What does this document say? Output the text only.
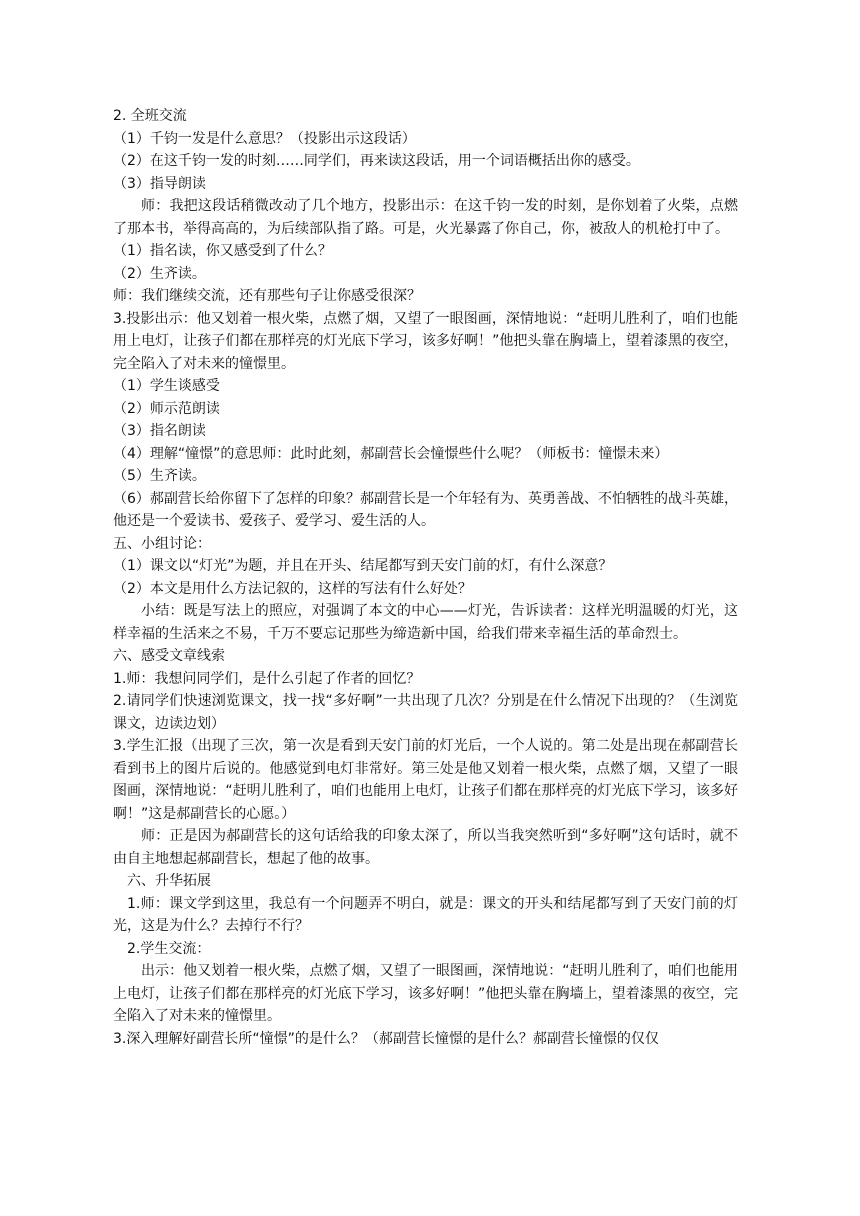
2. 全班交流

（1）千钧一发是什么意思？（投影出示这段话）

（2）在这千钧一发的时刻……同学们，再来读这段话，用一个词语概括出你的感受。

（3）指导朗读

师：我把这段话稍微改动了几个地方，投影出示：在这千钧一发的时刻，是你划着了火柴，点燃了那本书，举得高高的，为后续部队指了路。可是，火光暴露了你自己，你，被敌人的机枪打中了。

（1）指名读，你又感受到了什么？

（2）生齐读。

师：我们继续交流，还有那些句子让你感受很深？

3.投影出示：他又划着一根火柴，点燃了烟，又望了一眼图画，深情地说：“赶明儿胜利了，咱们也能用上电灯，让孩子们都在那样亮的灯光底下学习，该多好啊！”他把头靠在胸墙上，望着漆黑的夜空，完全陷入了对未来的憧憬里。

（1）学生谈感受

（2）师示范朗读

（3）指名朗读

（4）理解“憧憬”的意思师：此时此刻，郝副营长会憧憬些什么呢？（师板书：憧憬未来）

（5）生齐读。

（6）郝副营长给你留下了怎样的印象？郝副营长是一个年轻有为、英勇善战、不怕牺牲的战斗英雄，他还是一个爱读书、爱孩子、爱学习、爱生活的人。

五、小组讨论：

（1）课文以“灯光”为题，并且在开头、结尾都写到天安门前的灯，有什么深意？

（2）本文是用什么方法记叙的，这样的写法有什么好处？

小结：既是写法上的照应，对强调了本文的中心——灯光，告诉读者：这样光明温暖的灯光，这样幸福的生活来之不易，千万不要忘记那些为缔造新中国，给我们带来幸福生活的革命烈士。

六、感受文章线索

1.师：我想问同学们，是什么引起了作者的回忆？

2.请同学们快速浏览课文，找一找“多好啊”一共出现了几次？分别是在什么情况下出现的？（生浏览课文，边读边划）

3.学生汇报（出现了三次，第一次是看到天安门前的灯光后，一个人说的。第二处是出现在郝副营长看到书上的图片后说的。他感觉到电灯非常好。第三处是他又划着一根火柴，点燃了烟，又望了一眼图画，深情地说：“赶明儿胜利了，咱们也能用上电灯，让孩子们都在那样亮的灯光底下学习，该多好啊！”这是郝副营长的心愿。）

师：正是因为郝副营长的这句话给我的印象太深了，所以当我突然听到“多好啊”这句话时，就不由自主地想起郝副营长，想起了他的故事。

六、升华拓展

1.师：课文学到这里，我总有一个问题弄不明白，就是：课文的开头和结尾都写到了天安门前的灯光，这是为什么？去掉行不行？

2.学生交流：

出示：他又划着一根火柴，点燃了烟，又望了一眼图画，深情地说：“赶明儿胜利了，咱们也能用上电灯，让孩子们都在那样亮的灯光底下学习，该多好啊！”他把头靠在胸墙上，望着漆黑的夜空，完全陷入了对未来的憧憬里。

3.深入理解好副营长所“憧憬”的是什么？（郝副营长憧憬的是什么？郝副营长憧憬的仅仅
